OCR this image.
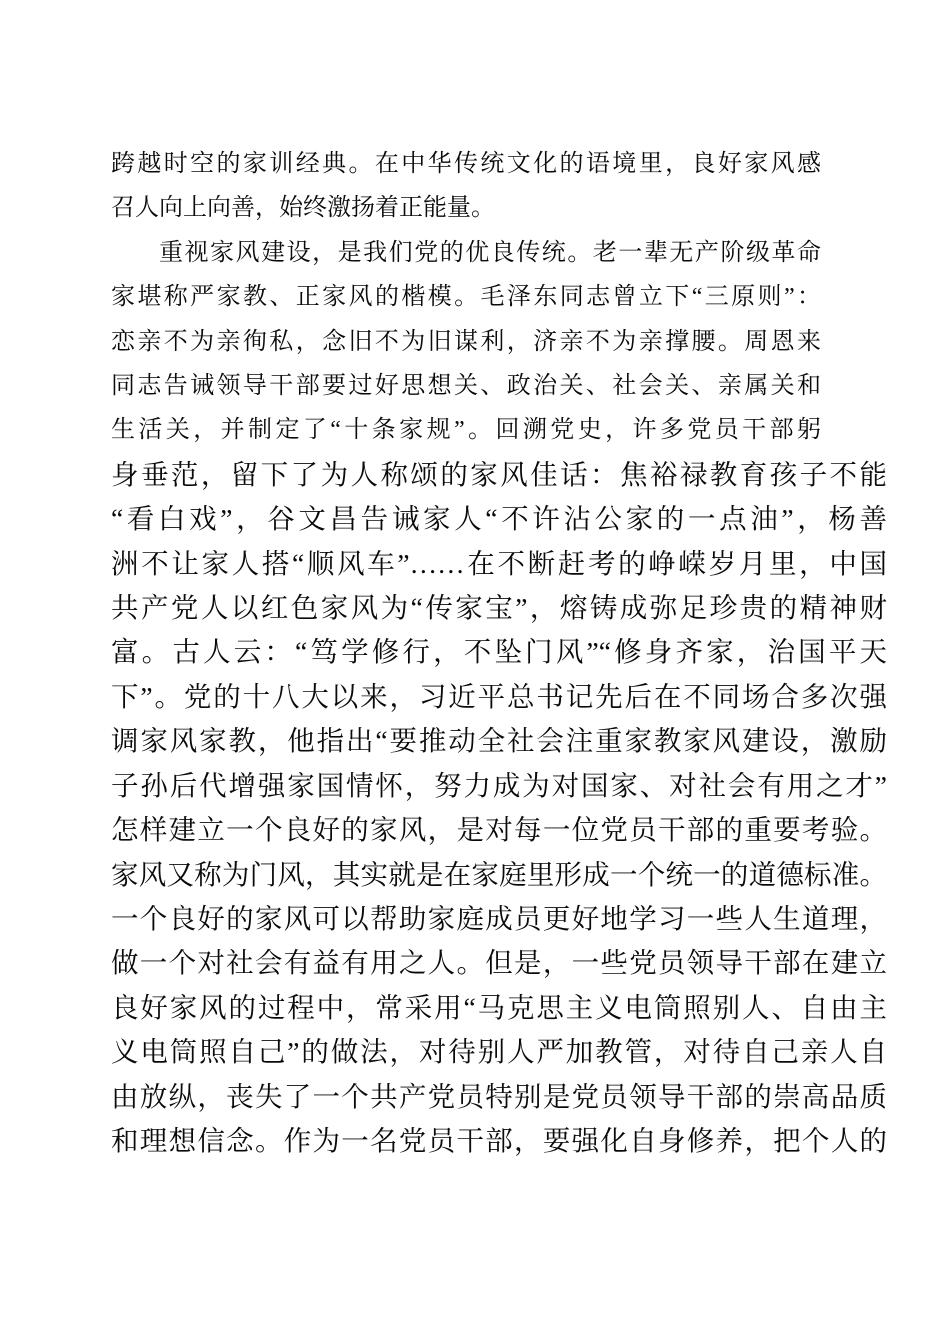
跨越时空的家训经典。在中华传统文化的语境里，良好家风感
召人向上向善，始终激扬着正能量。
重视家风建设，是我们党的优良传统。老一辈无产阶级革命
家堪称严家教、正家风的楷模。毛泽东同志曾立下“三原则”：
恋亲不为亲徇私，念旧不为旧谋利，济亲不为亲撑腰。周恩来
同志告诫领导干部要过好思想关、政治关、社会关、亲属关和
生活关，并制定了“十条家规”。回溯党史，许多党员干部躬
身垂范，留下了为人称颂的家风佳话：焦裕禄教育孩子不能
“看白戏”，谷文昌告诫家人“不许沾公家的一点油”，杨善
洲不让家人搭“顺风车”……在不断赶考的峥嵘岁月里，中国
共产党人以红色家风为“传家宝”，熔铸成弥足珍贵的精神财
富。古人云：“笃学修行，不坠门风”“修身齐家，治国平天
下”。党的十八大以来，习近平总书记先后在不同场合多次强
调家风家教，他指出“要推动全社会注重家教家风建设，激励
子孙后代增强家国情怀，努力成为对国家、对社会有用之才”
怎样建立一个良好的家风，是对每一位党员干部的重要考验。
家风又称为门风，其实就是在家庭里形成一个统一的道德标准。
一个良好的家风可以帮助家庭成员更好地学习一些人生道理，
做一个对社会有益有用之人。但是，一些党员领导干部在建立
良好家风的过程中，常采用“马克思主义电筒照别人、自由主
义电筒照自己”的做法，对待别人严加教管，对待自己亲人自
由放纵，丧失了一个共产党员特别是党员领导干部的崇高品质
和理想信念。作为一名党员干部，要强化自身修养，把个人的
